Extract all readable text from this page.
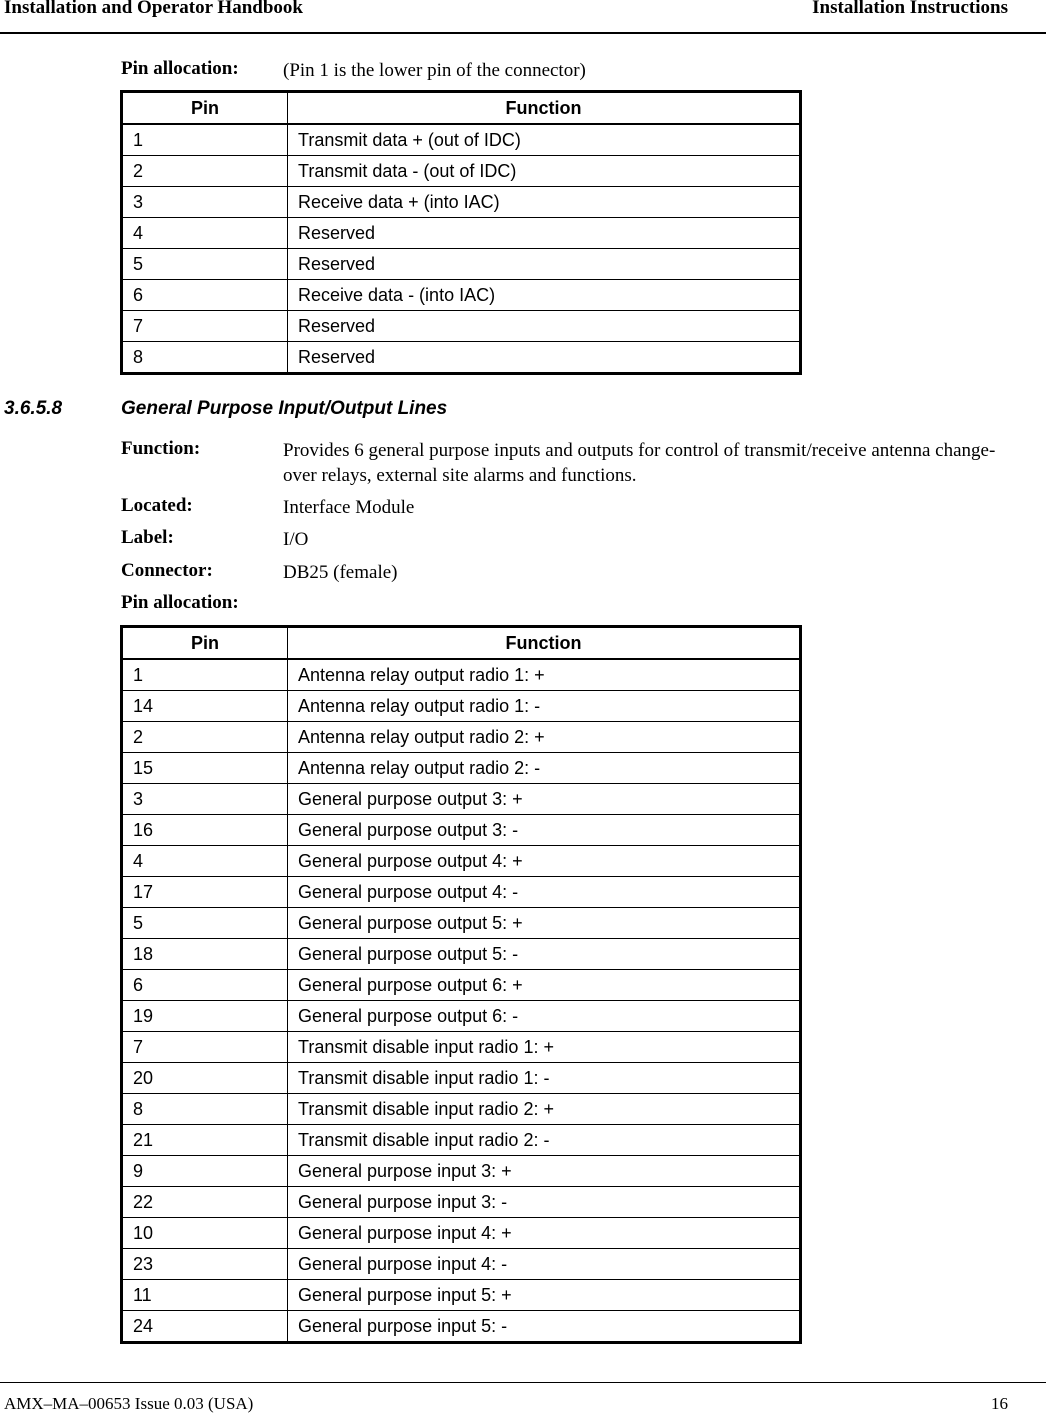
Installation and Operator Handbook	Installation Instructions
Pin allocation: (Pin 1 is the lower pin of the connector)
Pin	Function
1	Transmit data + (out of IDC)
2	Transmit data - (out of IDC)
3	Receive data + (into IAC)
4	Reserved
5	Reserved
6	Receive data - (into IAC)
7	Reserved
8	Reserved
3.6.5.8	General Purpose Input/Output Lines
Function:	Provides 6 general purpose inputs and outputs for control of transmit/receive antenna change-over relays, external site alarms and functions.
Located:	Interface Module
Label:	I/O
Connector:	DB25 (female)
Pin allocation:
Pin	Function
1	Antenna relay output radio 1: +
14	Antenna relay output radio 1: -
2	Antenna relay output radio 2: +
15	Antenna relay output radio 2: -
3	General purpose output 3: +
16	General purpose output 3: -
4	General purpose output 4: +
17	General purpose output 4: -
5	General purpose output 5: +
18	General purpose output 5: -
6	General purpose output 6: +
19	General purpose output 6: -
7	Transmit disable input radio 1: +
20	Transmit disable input radio 1: -
8	Transmit disable input radio 2: +
21	Transmit disable input radio 2: -
9	General purpose input 3: +
22	General purpose input 3: -
10	General purpose input 4: +
23	General purpose input 4: -
11	General purpose input 5: +
24	General purpose input 5: -
AMX–MA–00653 Issue 0.03 (USA)	16
